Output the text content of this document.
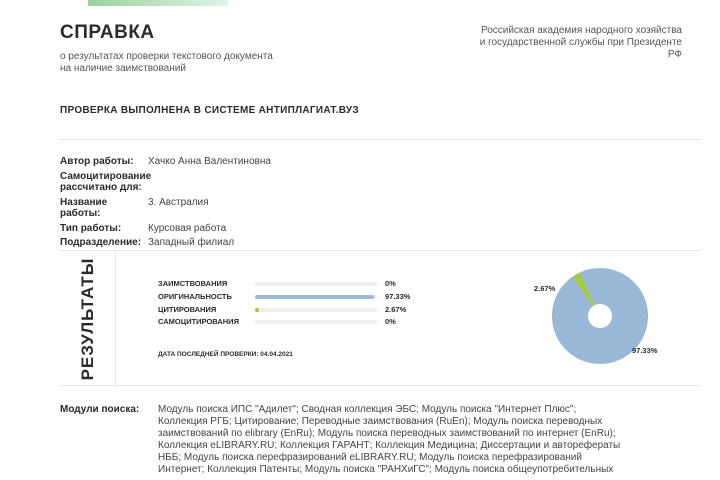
СПРАВКА
о результатах проверки текстового документа
на наличие заимствований
Российская академия народного хозяйства
и государственной службы при Президенте
РФ
ПРОВЕРКА ВЫПОЛНЕНА В СИСТЕМЕ АНТИПЛАГИАТ.ВУЗ
Автор работы:	Хачко Анна Валентиновна
Самоцитирование рассчитано для:
Название работы:
3. Австралия
Тип работы:	Курсовая работа
Подразделение: Западный филиал
РЕЗУЛЬТАТЫ	ЗАИМСТВОВАНИЯ	0%
ОРИГИНАЛЬНОСТЬ	97.33%
ЦИТИРОВАНИЯ	2.67%
САМОЦИТИРОВАНИЯ	0%
ДАТА ПОСЛЕДНЕЙ ПРОВЕРКИ: 04.04.2021
2.67%
97.33%
Модули поиска:	Модуль поиска ИПС "Адилет"; Сводная коллекция ЭБС; Модуль поиска "Интернет Плюс";
Коллекция РГБ; Цитирование; Переводные заимствования (RuEn); Модуль поиска переводных
заимствований по elibrary (EnRu); Модуль поиска переводных заимствований по интернет (EnRu);
Коллекция eLIBRARY.RU; Коллекция ГАРАНТ; Коллекция Медицина; Диссертации и авторефераты
НББ; Модуль поиска перефразирований eLIBRARY.RU; Модуль поиска перефразирований
Интернет; Коллекция Патенты; Модуль поиска "РАНХиГС"; Модуль поиска общеупотребительных
